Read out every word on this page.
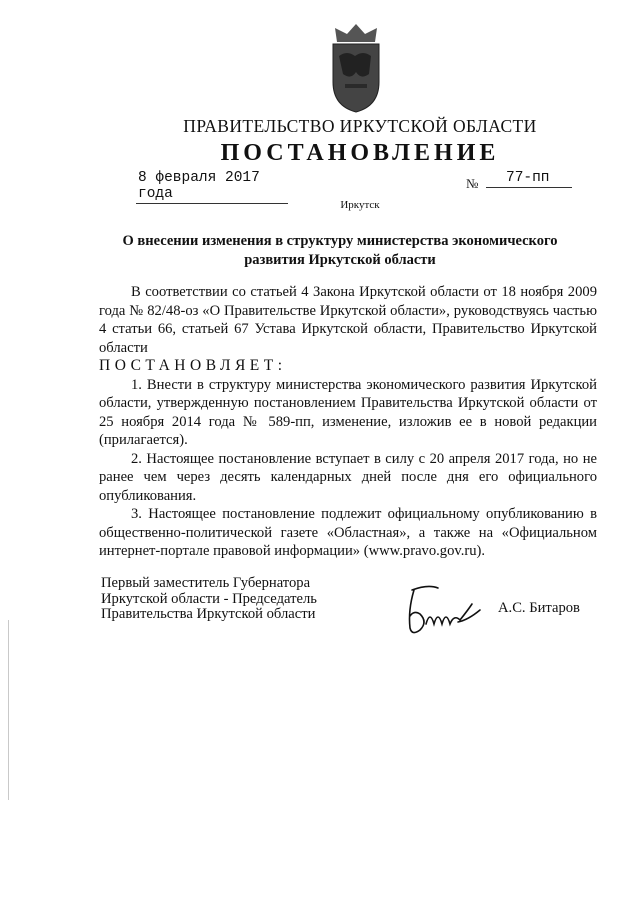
ПРАВИТЕЛЬСТВО ИРКУТСКОЙ ОБЛАСТИ
ПОСТАНОВЛЕНИЕ
8 февраля 2017 года
№	77-пп
Иркутск
О внесении изменения в структуру министерства экономического
развития Иркутской области

В соответствии со статьей 4 Закона Иркутской области от 18 ноября 2009 года № 82/48-оз «О Правительстве Иркутской области», руководствуясь частью 4 статьи 66, статьей 67 Устава Иркутской области, Правительство Иркутской области

ПОСТАНОВЛЯЕТ:

1. Внести в структуру министерства экономического развития Иркутской области, утвержденную постановлением Правительства Иркутской области от 25 ноября 2014 года № 589-пп, изменение, изложив ее в новой редакции (прилагается).

2. Настоящее постановление вступает в силу с 20 апреля 2017 года, но не ранее чем через десять календарных дней после дня его официального опубликования.

3. Настоящее постановление подлежит официальному опубликованию в общественно-политической газете «Областная», а также на «Официальном интернет-портале правовой информации» (www.pravo.gov.ru).

Первый заместитель Губернатора
Иркутской области - Председатель
Правительства Иркутской области	А.С. Битаров
